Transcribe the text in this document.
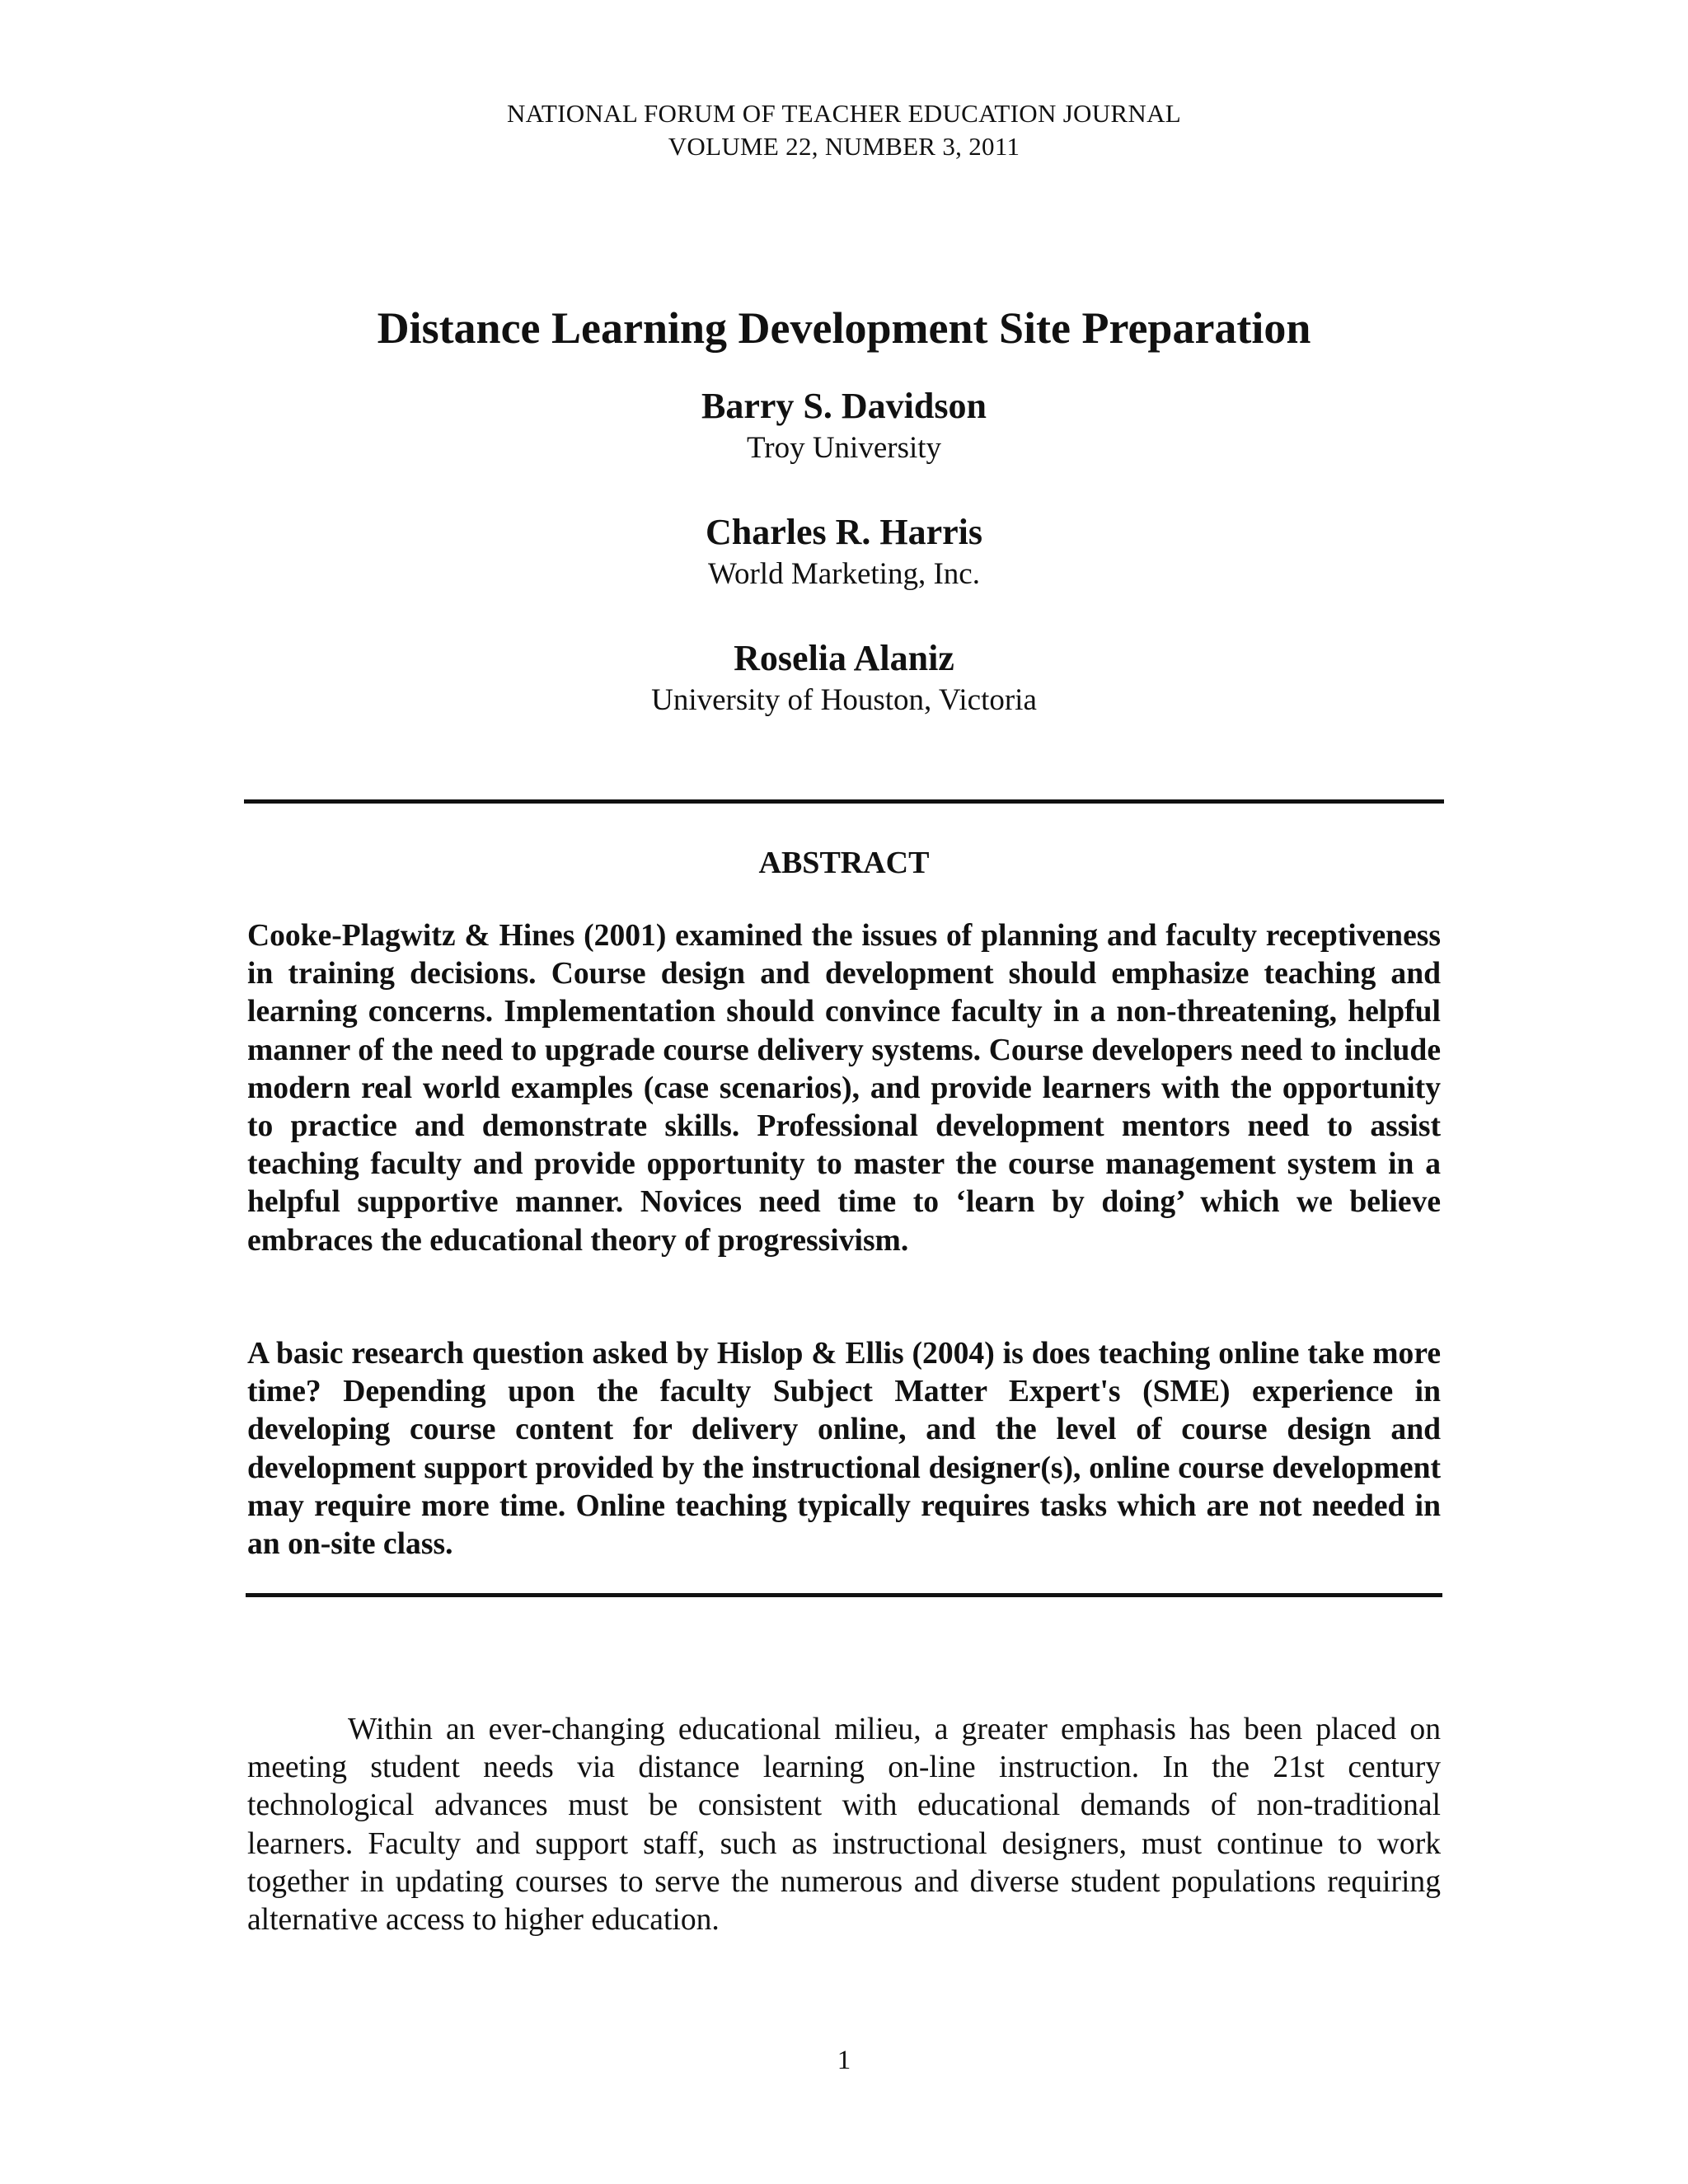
NATIONAL FORUM OF TEACHER EDUCATION JOURNAL
VOLUME 22, NUMBER 3, 2011
Distance Learning Development Site Preparation
Barry S. Davidson
Troy University
Charles R. Harris
World Marketing, Inc.
Roselia Alaniz
University of Houston, Victoria
ABSTRACT

Cooke-Plagwitz & Hines (2001) examined the issues of planning and faculty receptiveness in training decisions. Course design and development should emphasize teaching and learning concerns. Implementation should convince faculty in a non-threatening, helpful manner of the need to upgrade course delivery systems. Course developers need to include modern real world examples (case scenarios), and provide learners with the opportunity to practice and demonstrate skills. Professional development mentors need to assist teaching faculty and provide opportunity to master the course management system in a helpful supportive manner. Novices need time to ‘learn by doing’ which we believe embraces the educational theory of progressivism.

A basic research question asked by Hislop & Ellis (2004) is does teaching online take more time? Depending upon the faculty Subject Matter Expert's (SME) experience in developing course content for delivery online, and the level of course design and development support provided by the instructional designer(s), online course development may require more time. Online teaching typically requires tasks which are not needed in an on-site class.

Within an ever-changing educational milieu, a greater emphasis has been placed on meeting student needs via distance learning on-line instruction. In the 21st century technological advances must be consistent with educational demands of non-traditional learners. Faculty and support staff, such as instructional designers, must continue to work together in updating courses to serve the numerous and diverse student populations requiring alternative access to higher education.

1
